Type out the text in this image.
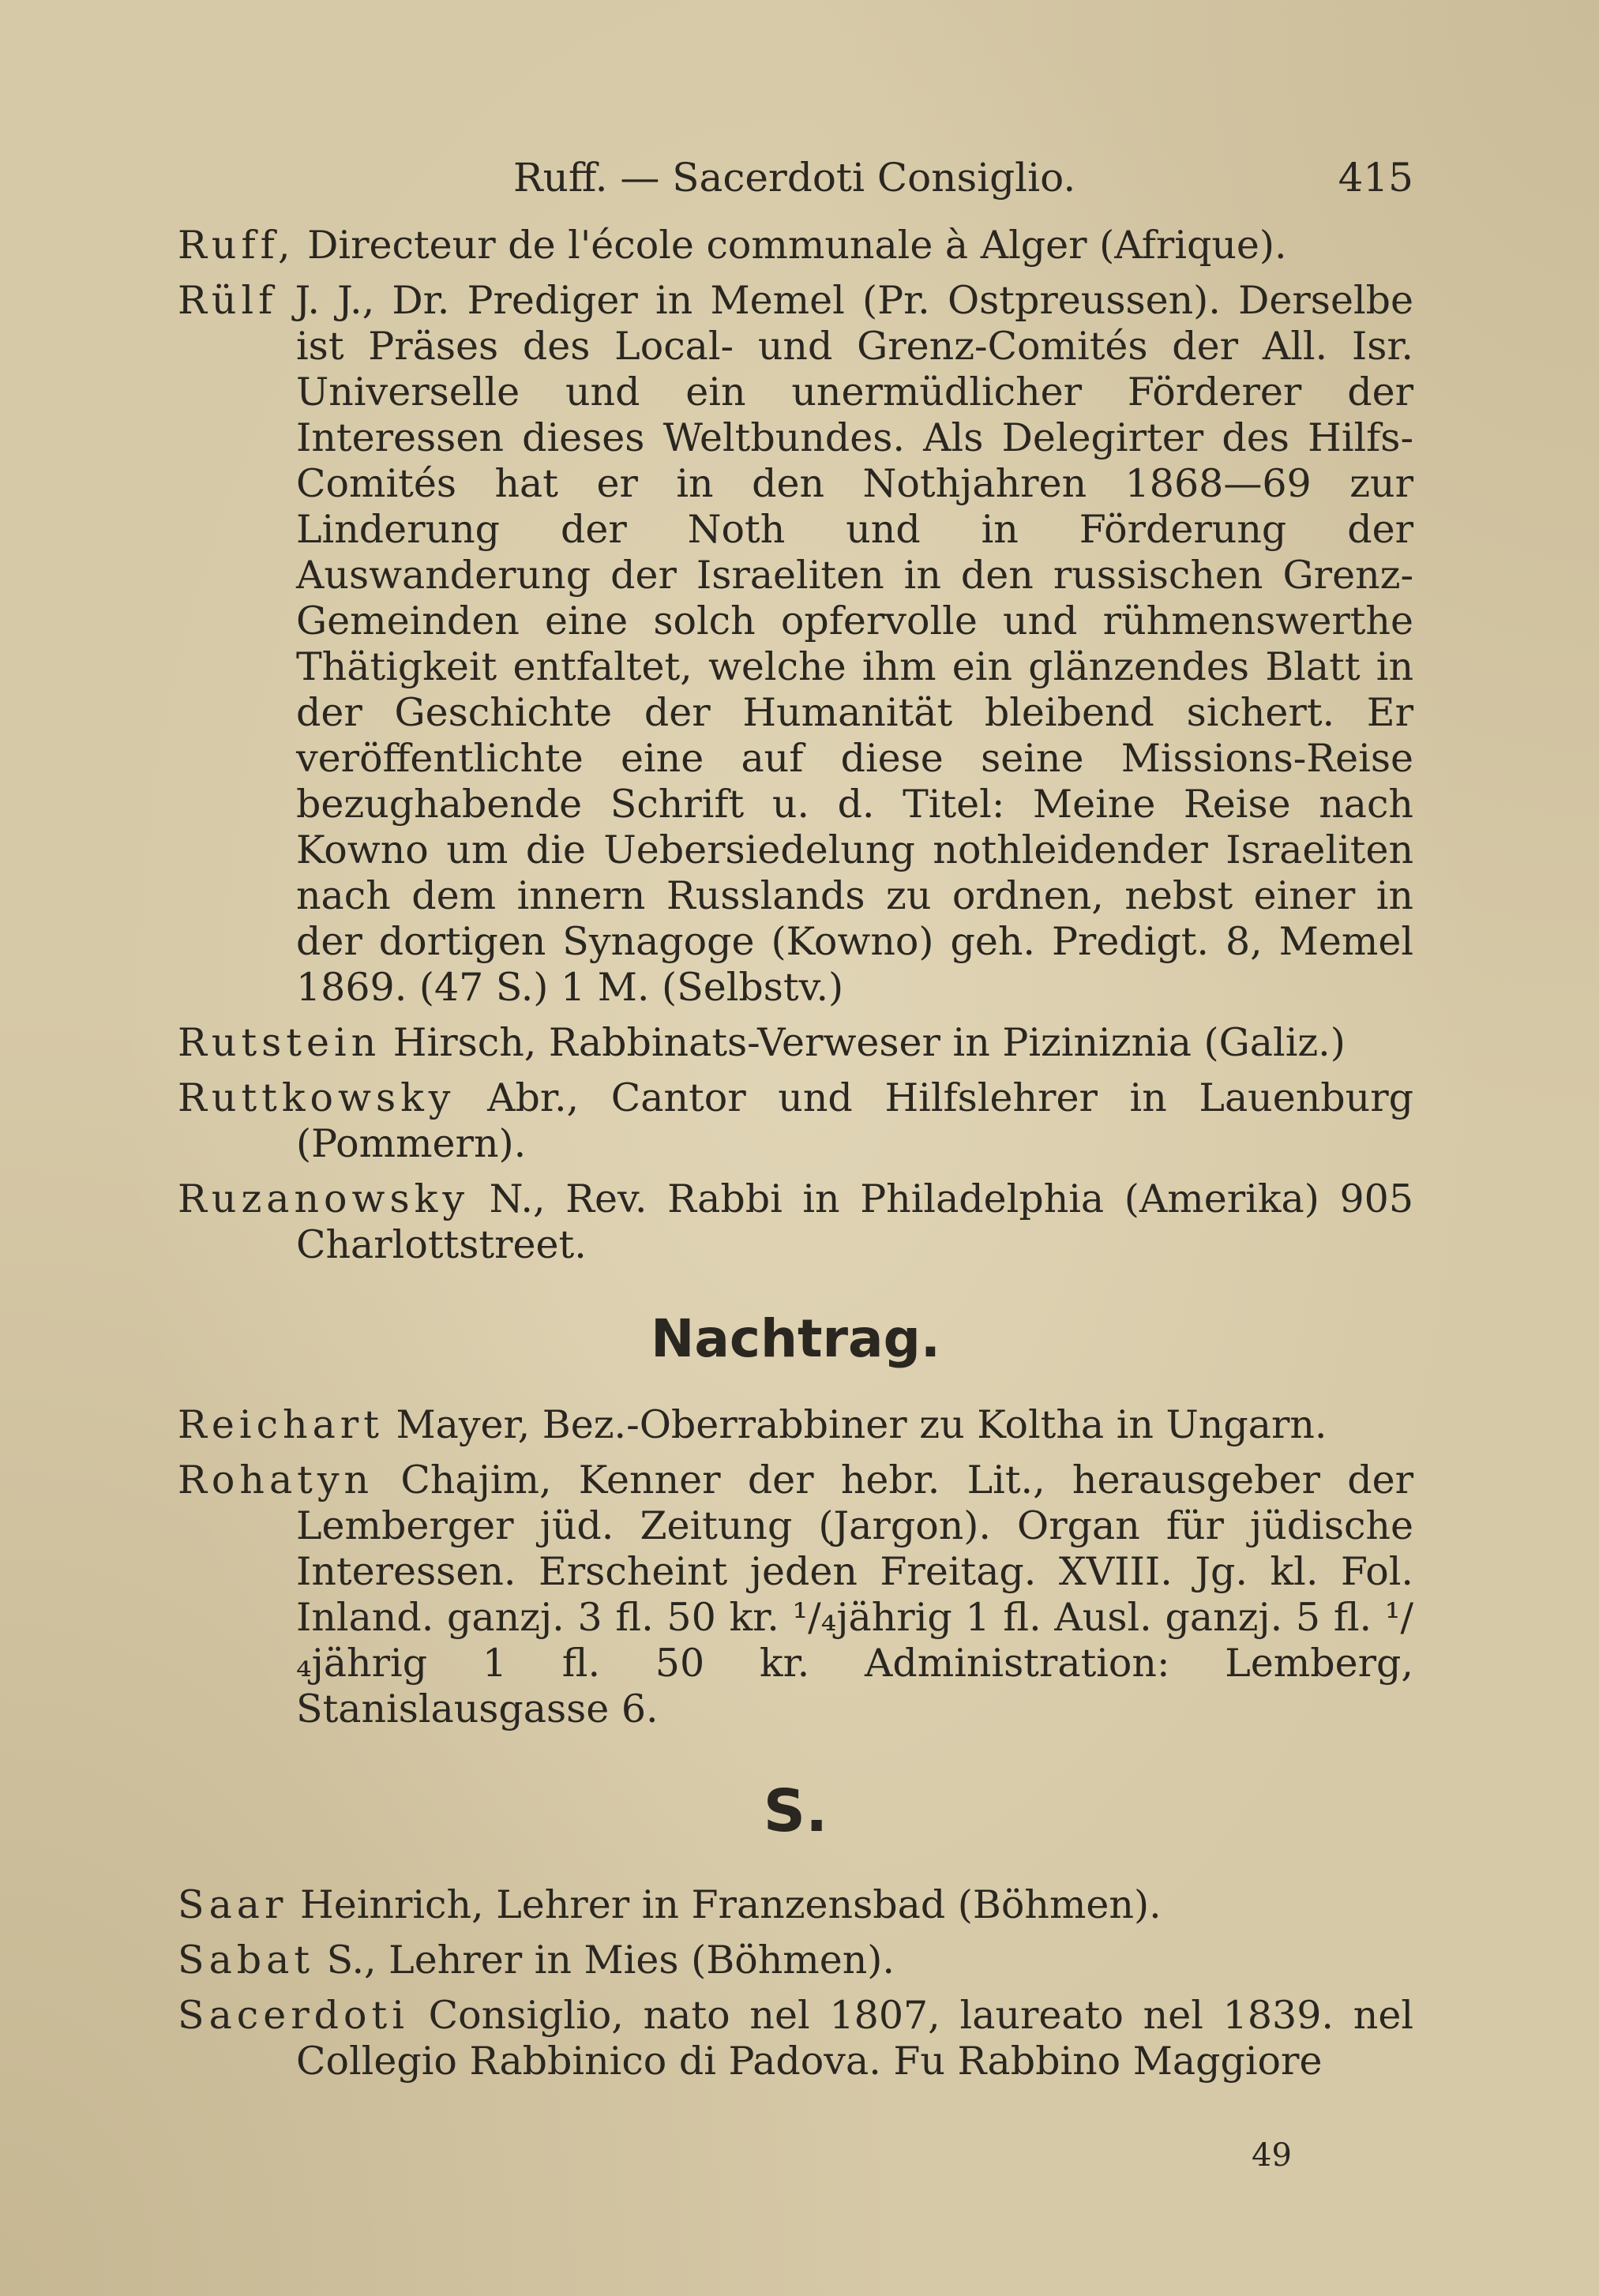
Ruff. — Sacerdoti Consiglio.	415
Ruff, Directeur de l'école communale à Alger (Afrique).
Rülf J. J., Dr. Prediger in Memel (Pr. Ostpreussen). Derselbe ist Präses des Local- und Grenz-Comités der All. Isr. Universelle und ein unermüdlicher Förderer der Interessen dieses Weltbundes. Als Delegirter des Hilfs-Comités hat er in den Nothjahren 1868—69 zur Linderung der Noth und in Förderung der Auswanderung der Israeliten in den russischen Grenz-Gemeinden eine solch opfervolle und rühmenswerthe Thätigkeit entfaltet, welche ihm ein glänzendes Blatt in der Geschichte der Humanität bleibend sichert. Er veröffentlichte eine auf diese seine Missions-Reise bezughabende Schrift u. d. Titel: Meine Reise nach Kowno um die Uebersiedelung nothleidender Israeliten nach dem innern Russlands zu ordnen, nebst einer in der dortigen Synagoge (Kowno) geh. Predigt. 8, Memel 1869. (47 S.) 1 M. (Selbstv.)
Rutstein Hirsch, Rabbinats-Verweser in Piziniznia (Galiz.)
Ruttkowsky Abr., Cantor und Hilfslehrer in Lauenburg (Pommern).
Ruzanowsky N., Rev. Rabbi in Philadelphia (Amerika) 905 Charlottstreet.
Nachtrag.
Reichart Mayer, Bez.-Oberrabbiner zu Koltha in Ungarn.
Rohatyn Chajim, Kenner der hebr. Lit., herausgeber der Lemberger jüd. Zeitung (Jargon). Organ für jüdische Interessen. Erscheint jeden Freitag. XVIII. Jg. kl. Fol. Inland. ganzj. 3 fl. 50 kr. ¹/₄jährig 1 fl. Ausl. ganzj. 5 fl. ¹/₄jährig 1 fl. 50 kr. Administration: Lemberg, Stanislausgasse 6.
S.
Saar Heinrich, Lehrer in Franzensbad (Böhmen).
Sabat S., Lehrer in Mies (Böhmen).
Sacerdoti Consiglio, nato nel 1807, laureato nel 1839. nel Collegio Rabbinico di Padova. Fu Rabbino Maggiore
49
